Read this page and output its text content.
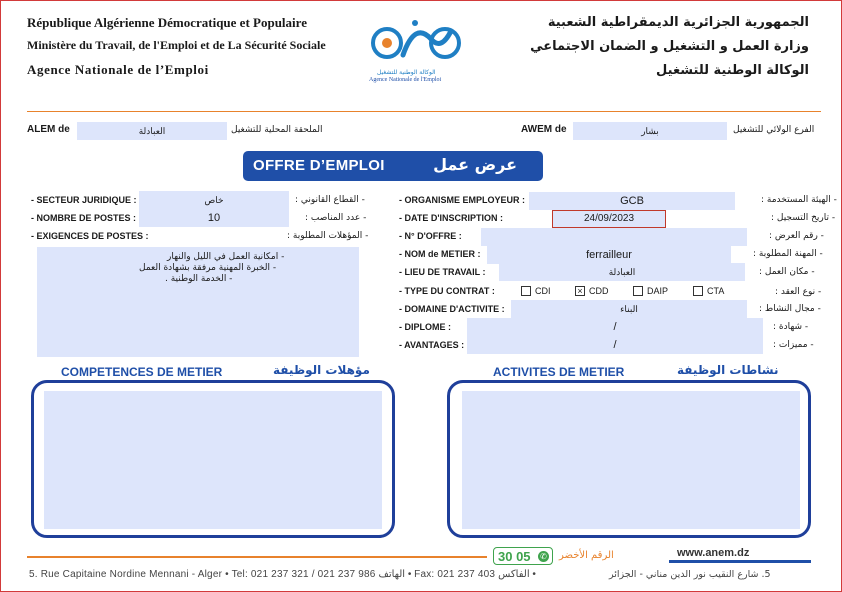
République Algérienne Démocratique et Populaire
Ministère du Travail, de l'Emploi et de La Sécurité Sociale
Agence Nationale de l’Emploi	الوكالة الوطنية للتشغيل
Agence Nationale de l'Emploi
الجمهورية الجزائرية الديمقراطية الشعبية
وزارة العمل و التشغيل و الضمان الاجتماعي
الوكالة الوطنية للتشغيل
ALEM de	العبادلة	الملحقة المحلية للتشغيل	AWEM de	بشار	الفرع الولائي للتشغيل
OFFRE D’EMPLOI	عرض عمل
- SECTEUR JURIDIQUE :	خاص	- القطاع القانوني :
- NOMBRE DE POSTES :	10	- عدد المناصب :
- EXIGENCES DE POSTES :	- المؤهلات المطلوبة :
- امكانية العمل في الليل والنهار
- الخبرة المهنية مرفقة بشهادة العمل
- الخدمة الوطنية .
- ORGANISME EMPLOYEUR :	GCB	- الهيئة المستخدمة :
- DATE D'INSCRIPTION :	24/09/2023	- تاريخ التسجيل :
- N° D'OFFRE :	- رقم العرض :
- NOM de METIER :	ferrailleur	- المهنة المطلوبة :
- LIEU DE TRAVAIL :	العبادلة	- مكان العمل :
- TYPE DU CONTRAT :	CDI	× CDD	DAIP	CTA	- نوع العقد :
- DOMAINE D'ACTIVITE :	البناء	- مجال النشاط :
- DIPLOME :	/	- شهادة :
- AVANTAGES :	/	- مميزات :
COMPETENCES DE METIER	مؤهلات الوظيفة	ACTIVITES DE METIER	نشاطات الوظيفة
الرقم الأخضر
30 05 ✆	www.anem.dz
5. Rue Capitaine Nordine Mennani - Alger • Tel: 021 237 321 / 021 237 986 الهاتف • Fax: 021 237 403 الفاكس •	5. شارع النقيب نور الدين مناني - الجزائر
